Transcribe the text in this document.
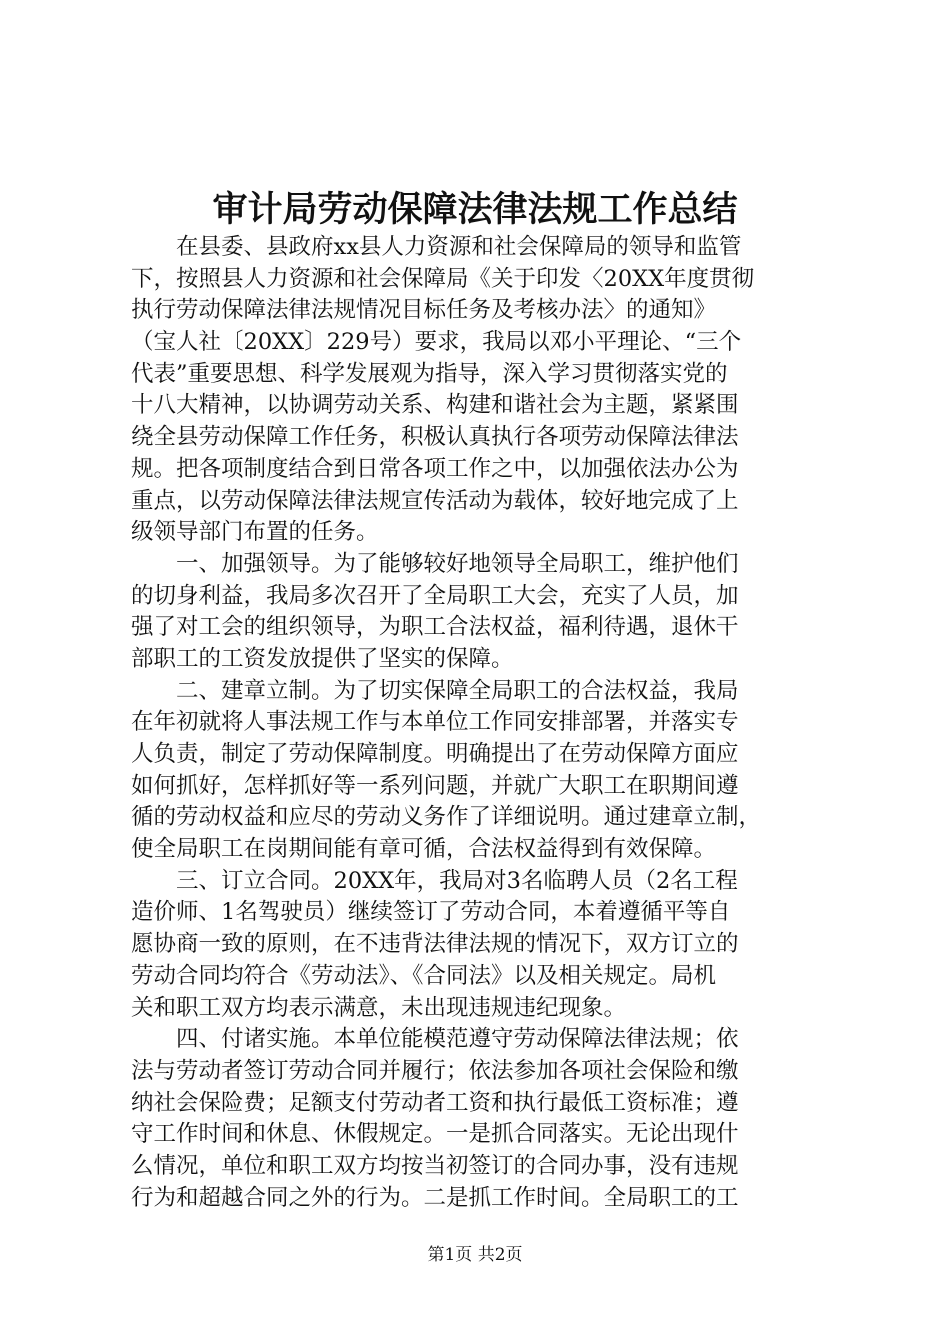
审计局劳动保障法律法规工作总结
　　在县委、县政府xx县人力资源和社会保障局的领导和监管
下，按照县人力资源和社会保障局《关于印发〈20XX年度贯彻
执行劳动保障法律法规情况目标任务及考核办法〉的通知》
（宝人社〔20XX〕229号）要求，我局以邓小平理论、“三个
代表”重要思想、科学发展观为指导，深入学习贯彻落实党的
十八大精神，以协调劳动关系、构建和谐社会为主题，紧紧围
绕全县劳动保障工作任务，积极认真执行各项劳动保障法律法
规。把各项制度结合到日常各项工作之中，以加强依法办公为
重点，以劳动保障法律法规宣传活动为载体，较好地完成了上
级领导部门布置的任务。
　　一、加强领导。为了能够较好地领导全局职工，维护他们
的切身利益，我局多次召开了全局职工大会，充实了人员，加
强了对工会的组织领导，为职工合法权益，福利待遇，退休干
部职工的工资发放提供了坚实的保障。
　　二、建章立制。为了切实保障全局职工的合法权益，我局
在年初就将人事法规工作与本单位工作同安排部署，并落实专
人负责，制定了劳动保障制度。明确提出了在劳动保障方面应
如何抓好，怎样抓好等一系列问题，并就广大职工在职期间遵
循的劳动权益和应尽的劳动义务作了详细说明。通过建章立制，
使全局职工在岗期间能有章可循，合法权益得到有效保障。
　　三、订立合同。20XX年，我局对3名临聘人员（2名工程
造价师、1名驾驶员）继续签订了劳动合同，本着遵循平等自
愿协商一致的原则，在不违背法律法规的情况下，双方订立的
劳动合同均符合《劳动法》、《合同法》以及相关规定。局机
关和职工双方均表示满意，未出现违规违纪现象。
　　四、付诸实施。本单位能模范遵守劳动保障法律法规；依
法与劳动者签订劳动合同并履行；依法参加各项社会保险和缴
纳社会保险费；足额支付劳动者工资和执行最低工资标准；遵
守工作时间和休息、休假规定。一是抓合同落实。无论出现什
么情况，单位和职工双方均按当初签订的合同办事，没有违规
行为和超越合同之外的行为。二是抓工作时间。全局职工的工
第1页 共2页
